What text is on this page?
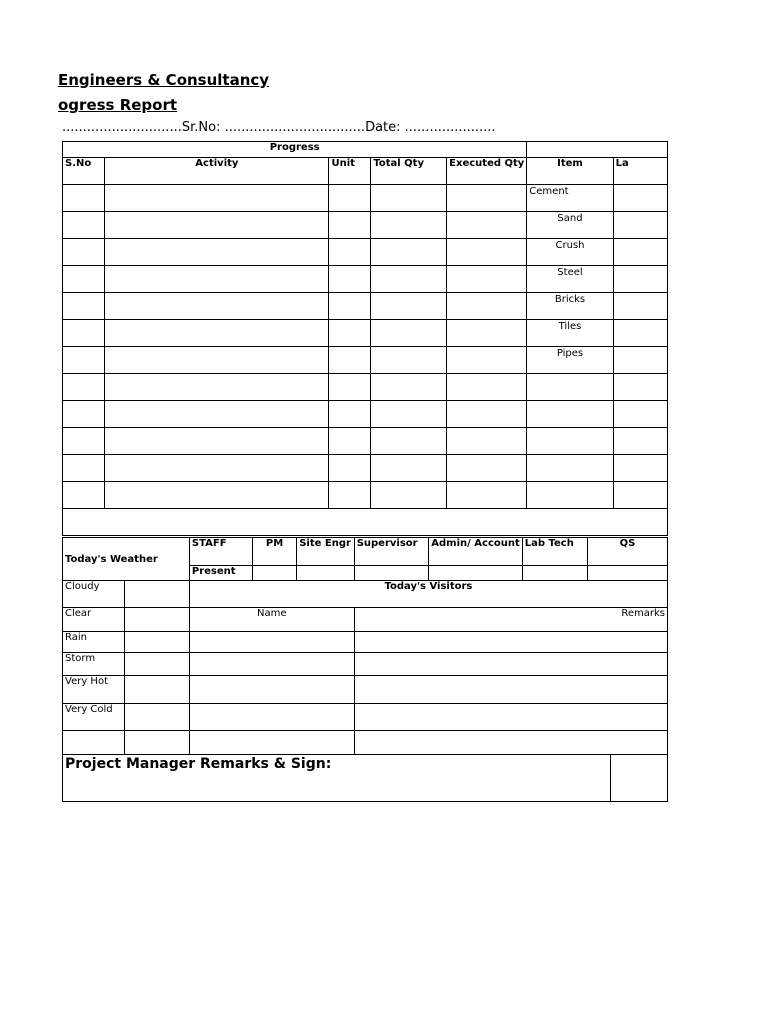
Engineers & Consultancy
ogress Report
.............................Sr.No: ..................................Date: ......................
Progress						
S.No	Activity	Unit	Total Qty	Executed Qty	Item	La
					Cement	
					Sand	
					Crush	
					Steel	
					Bricks	
					Tiles	
					Pipes	

Today's Weather		STAFF	PM	Site Engr	Supervisor	Admin/ Account	Lab Tech	QS
		Present						
Cloudy		Today's Visitors						
Clear		Name			Remarks			
Rain								
Storm								
Very Hot								
Very Cold								

Project Manager Remarks & Sign:	
